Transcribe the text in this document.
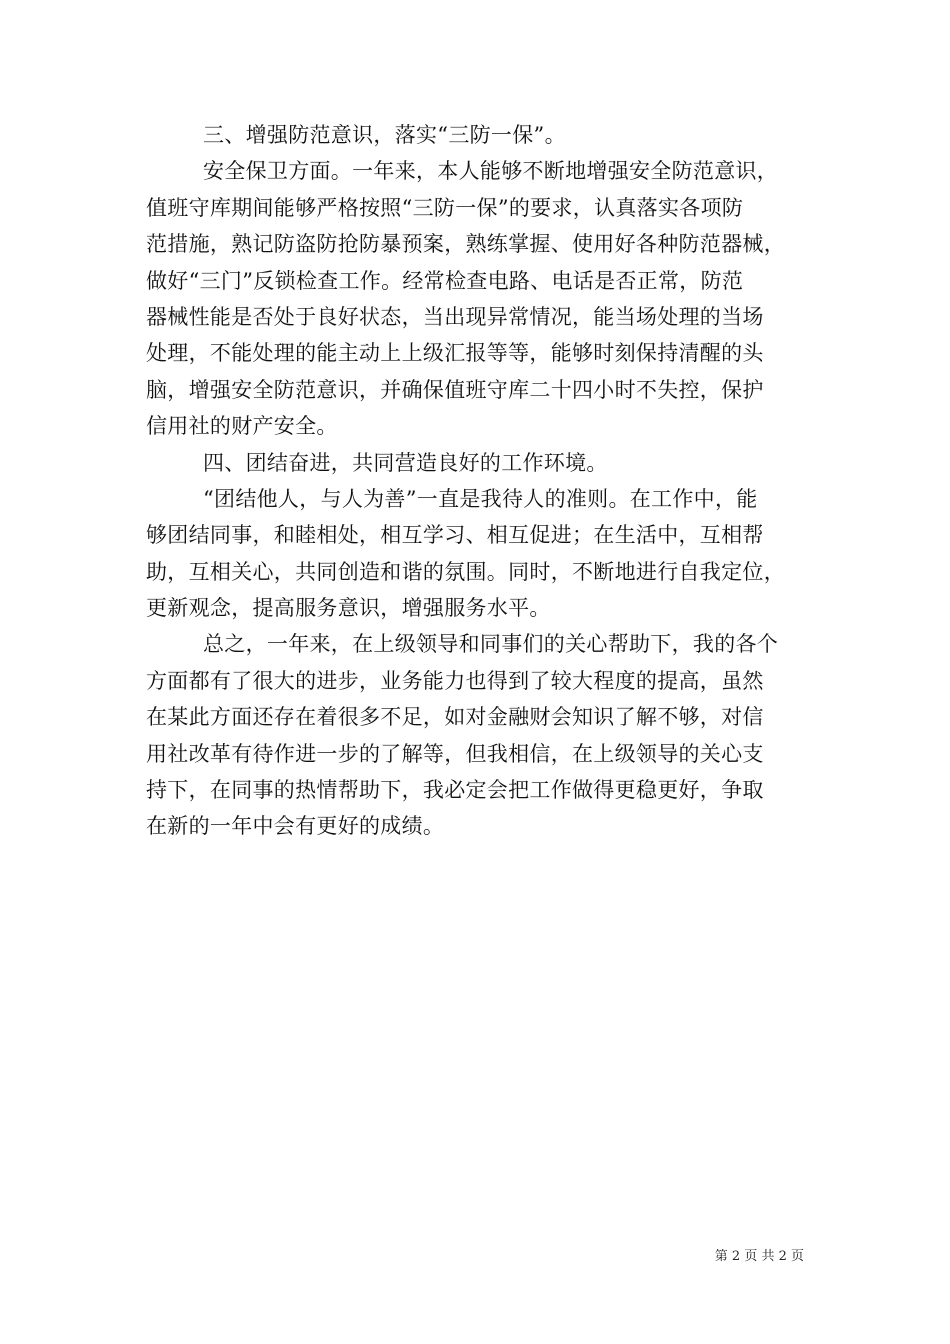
三、增强防范意识，落实“三防一保”。
安全保卫方面。一年来，本人能够不断地增强安全防范意识，
值班守库期间能够严格按照“三防一保”的要求，认真落实各项防
范措施，熟记防盗防抢防暴预案，熟练掌握、使用好各种防范器械，
做好“三门”反锁检查工作。经常检查电路、电话是否正常，防范
器械性能是否处于良好状态，当出现异常情况，能当场处理的当场
处理，不能处理的能主动上上级汇报等等，能够时刻保持清醒的头
脑，增强安全防范意识，并确保值班守库二十四小时不失控，保护
信用社的财产安全。
四、团结奋进，共同营造良好的工作环境。
“团结他人，与人为善”一直是我待人的准则。在工作中，能
够团结同事，和睦相处，相互学习、相互促进；在生活中，互相帮
助，互相关心，共同创造和谐的氛围。同时，不断地进行自我定位，
更新观念，提高服务意识，增强服务水平。
总之，一年来，在上级领导和同事们的关心帮助下，我的各个
方面都有了很大的进步，业务能力也得到了较大程度的提高，虽然
在某此方面还存在着很多不足，如对金融财会知识了解不够，对信
用社改革有待作进一步的了解等，但我相信，在上级领导的关心支
持下，在同事的热情帮助下，我必定会把工作做得更稳更好，争取
在新的一年中会有更好的成绩。
第 2 页 共 2 页
